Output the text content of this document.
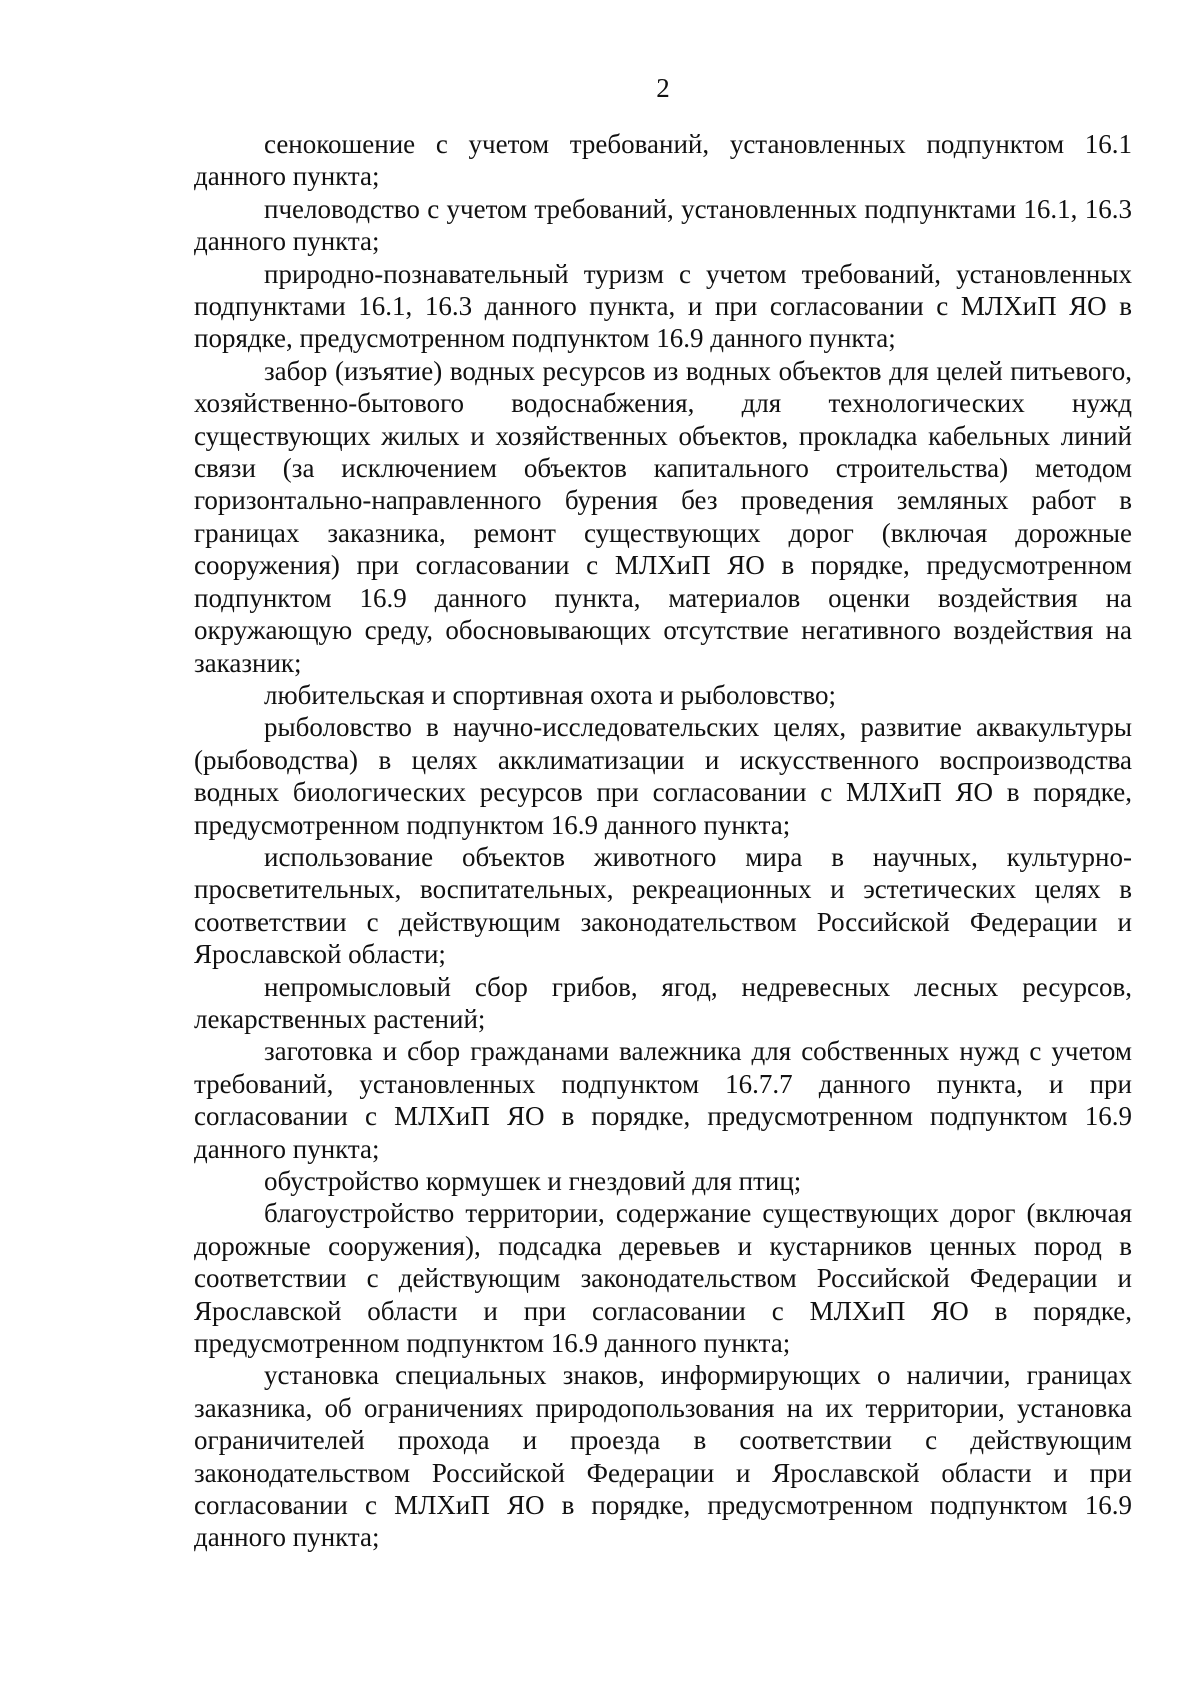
2

сенокошение с учетом требований, установленных подпунктом 16.1 данного пункта;

пчеловодство с учетом требований, установленных подпунктами 16.1, 16.3 данного пункта;

природно-познавательный туризм с учетом требований, установленных подпунктами 16.1, 16.3 данного пункта, и при согласовании с МЛХиП ЯО в порядке, предусмотренном подпунктом 16.9 данного пункта;

забор (изъятие) водных ресурсов из водных объектов для целей питьевого, хозяйственно-бытового водоснабжения, для технологических нужд существующих жилых и хозяйственных объектов, прокладка кабельных линий связи (за исключением объектов капитального строительства) методом горизонтально-направленного бурения без проведения земляных работ в границах заказника, ремонт существующих дорог (включая дорожные сооружения) при согласовании с МЛХиП ЯО в порядке, предусмотренном подпунктом 16.9 данного пункта, материалов оценки воздействия на окружающую среду, обосновывающих отсутствие негативного воздействия на заказник;

любительская и спортивная охота и рыболовство;

рыболовство в научно-исследовательских целях, развитие аквакультуры (рыбоводства) в целях акклиматизации и искусственного воспроизводства водных биологических ресурсов при согласовании с МЛХиП ЯО в порядке, предусмотренном подпунктом 16.9 данного пункта;

использование объектов животного мира в научных, культурно-просветительных, воспитательных, рекреационных и эстетических целях в соответствии с действующим законодательством Российской Федерации и Ярославской области;

непромысловый сбор грибов, ягод, недревесных лесных ресурсов, лекарственных растений;

заготовка и сбор гражданами валежника для собственных нужд с учетом требований, установленных подпунктом 16.7.7 данного пункта, и при согласовании с МЛХиП ЯО в порядке, предусмотренном подпунктом 16.9 данного пункта;

обустройство кормушек и гнездовий для птиц;

благоустройство территории, содержание существующих дорог (включая дорожные сооружения), подсадка деревьев и кустарников ценных пород в соответствии с действующим законодательством Российской Федерации и Ярославской области и при согласовании с МЛХиП ЯО в порядке, предусмотренном подпунктом 16.9 данного пункта;

установка специальных знаков, информирующих о наличии, границах заказника, об ограничениях природопользования на их территории, установка ограничителей прохода и проезда в соответствии с действующим законодательством Российской Федерации и Ярославской области и при согласовании с МЛХиП ЯО в порядке, предусмотренном подпунктом 16.9 данного пункта;
